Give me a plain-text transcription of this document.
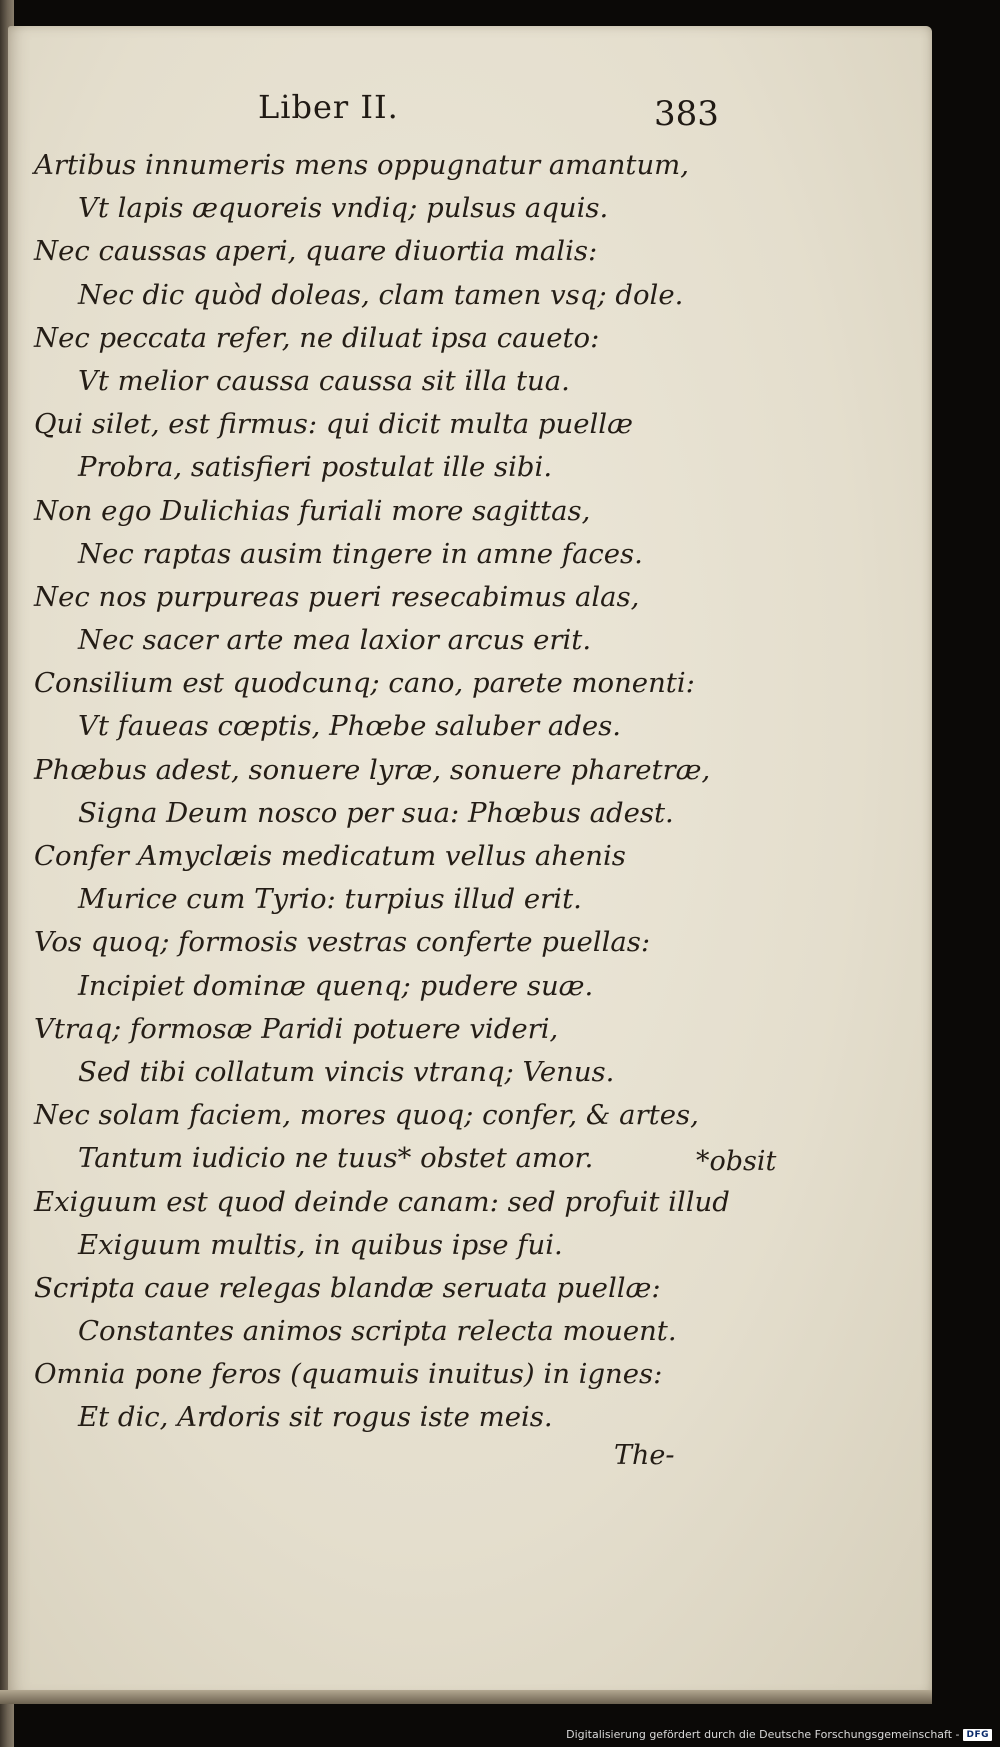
Liber II.	383
Artibus innumeris mens oppugnatur amantum,
Vt lapis æquoreis vndiq; pulsus aquis.
Nec caussas aperi, quare diuortia malis:
Nec dic quòd doleas, clam tamen vsq; dole.
Nec peccata refer, ne diluat ipsa caueto:
Vt melior caussa caussa sit illa tua.
Qui silet, est firmus: qui dicit multa puellæ
Probra, satisfieri postulat ille sibi.
Non ego Dulichias furiali more sagittas,
Nec raptas ausim tingere in amne faces.
Nec nos purpureas pueri resecabimus alas,
Nec sacer arte mea laxior arcus erit.
Consilium est quodcunq; cano, parete monenti:
Vt faueas cœptis, Phœbe saluber ades.
Phœbus adest, sonuere lyræ, sonuere pharetræ,
Signa Deum nosco per sua: Phœbus adest.
Confer Amyclæis medicatum vellus ahenis
Murice cum Tyrio: turpius illud erit.
Vos quoq; formosis vestras conferte puellas:
Incipiet dominæ quenq; pudere suæ.
Vtraq; formosæ Paridi potuere videri,
Sed tibi collatum vincis vtranq; Venus.
Nec solam faciem, mores quoq; confer, & artes,
Tantum iudicio ne tuus* obstet amor.
Exiguum est quod deinde canam: sed profuit illud
Exiguum multis, in quibus ipse fui.
Scripta caue relegas blandæ seruata puellæ:
Constantes animos scripta relecta mouent.
Omnia pone feros (quamuis inuitus) in ignes:
Et dic, Ardoris sit rogus iste meis.
*obsit
The-
Digitalisierung gefördert durch die Deutsche Forschungsgemeinschaft - DFG
